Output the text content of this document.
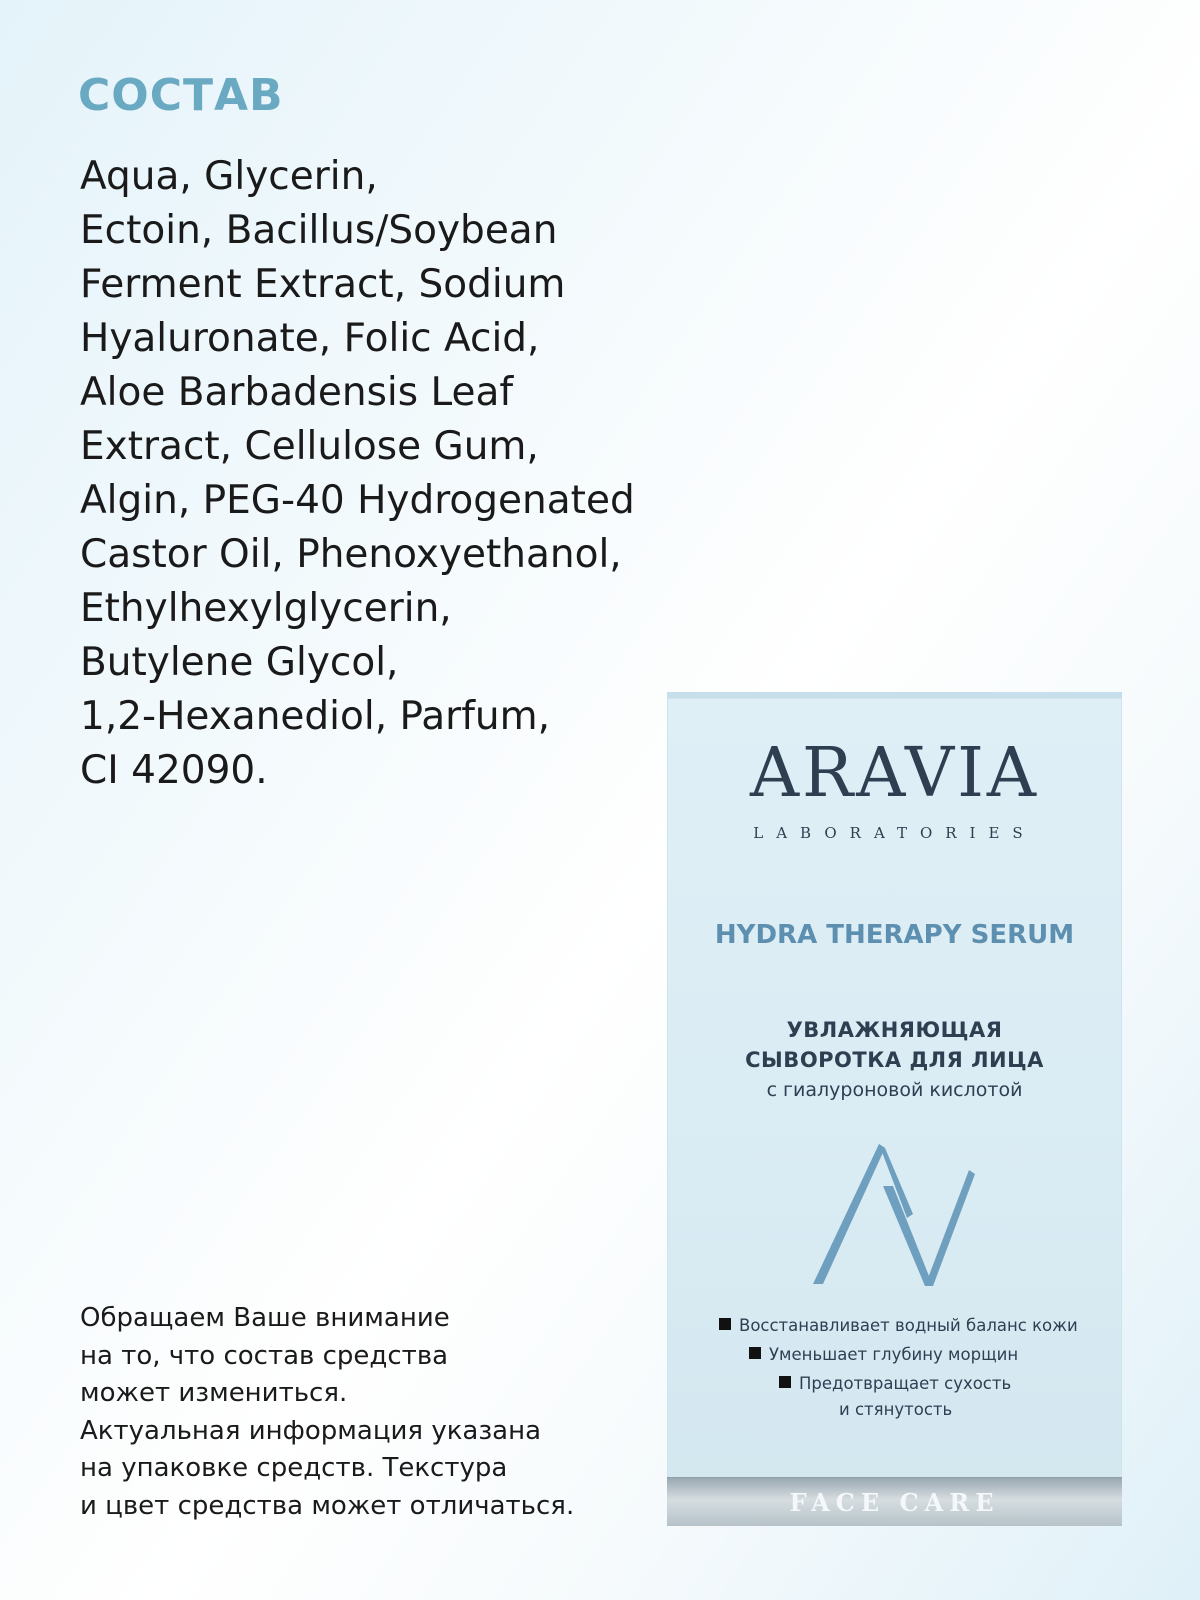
СОСТАВ
Aqua, Glycerin,
Ectoin, Bacillus/Soybean
Ferment Extract, Sodium
Hyaluronate, Folic Acid,
Aloe Barbadensis Leaf
Extract, Cellulose Gum,
Algin, PEG-40 Hydrogenated
Castor Oil, Phenoxyethanol,
Ethylhexylglycerin,
Butylene Glycol,
1,2-Hexanediol, Parfum,
CI 42090.
Обращаем Ваше внимание
на то, что состав средства
может измениться.
Актуальная информация указана
на упаковке средств. Текстура
и цвет средства может отличаться.
ARAVIA
LABORATORIES
HYDRA THERAPY SERUM
УВЛАЖНЯЮЩАЯ
СЫВОРОТКА ДЛЯ ЛИЦА
с гиалуроновой кислотой
Восстанавливает водный баланс кожи
Уменьшает глубину морщин
Предотвращает сухость
и стянутость
FACE CARE
